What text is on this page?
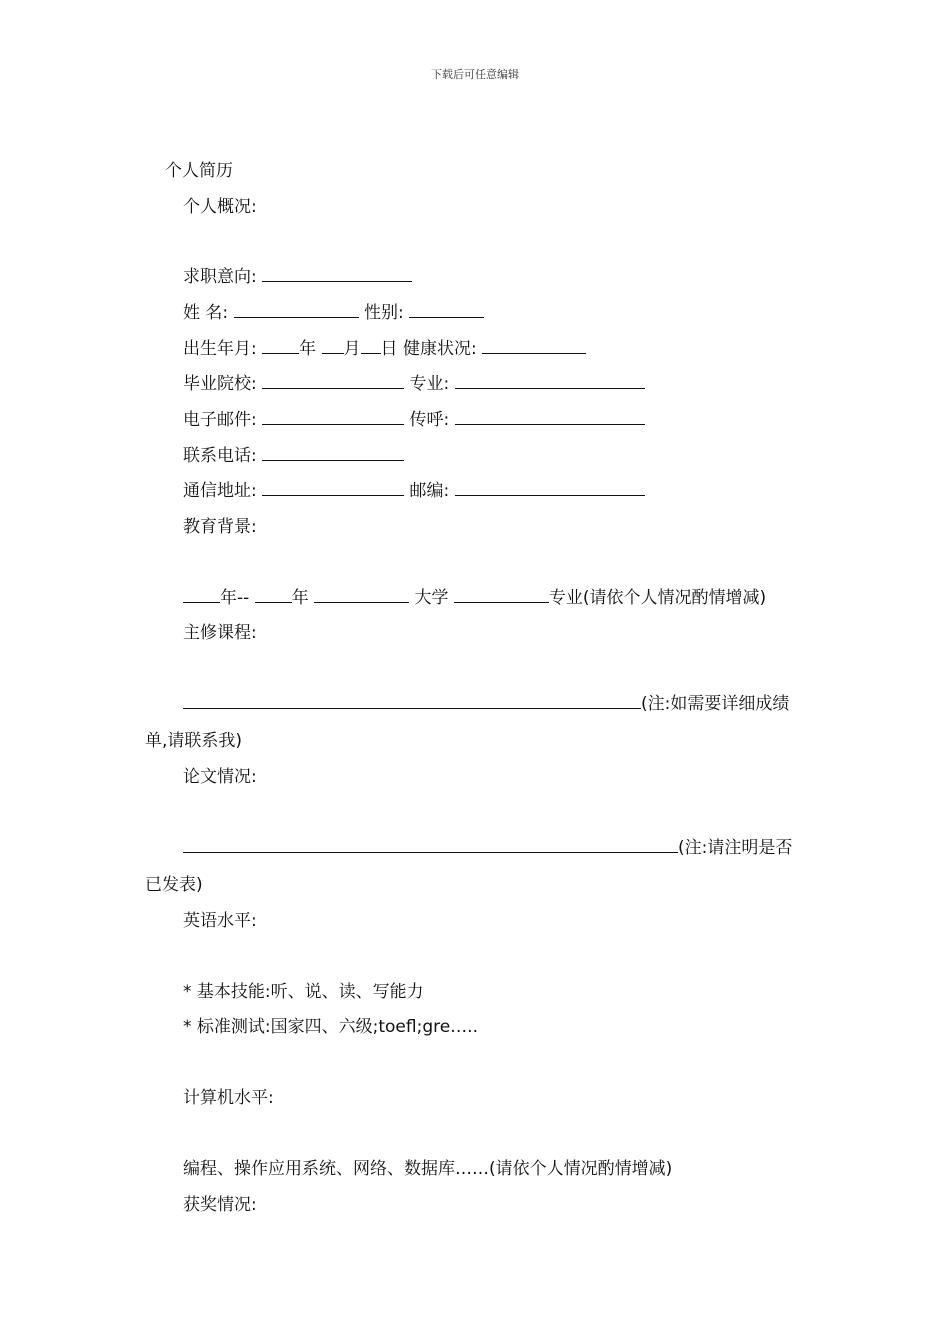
下载后可任意编辑
个人简历
个人概况:
求职意向:
姓 名:	性别:
出生年月: 年 月 日 健康状况:
毕业院校:	专业:
电子邮件:	传呼:
联系电话:
通信地址:	邮编:
教育背景:
年-- 年	大学	专业(请依个人情况酌情增减)
主修课程:
(注:如需要详细成绩
单,请联系我)
论文情况:
(注:请注明是否
已发表)
英语水平:
* 基本技能:听、说、读、写能力
* 标准测试:国家四、六级;toefl;gre…..
计算机水平:
编程、操作应用系统、网络、数据库……(请依个人情况酌情增减)
获奖情况:
